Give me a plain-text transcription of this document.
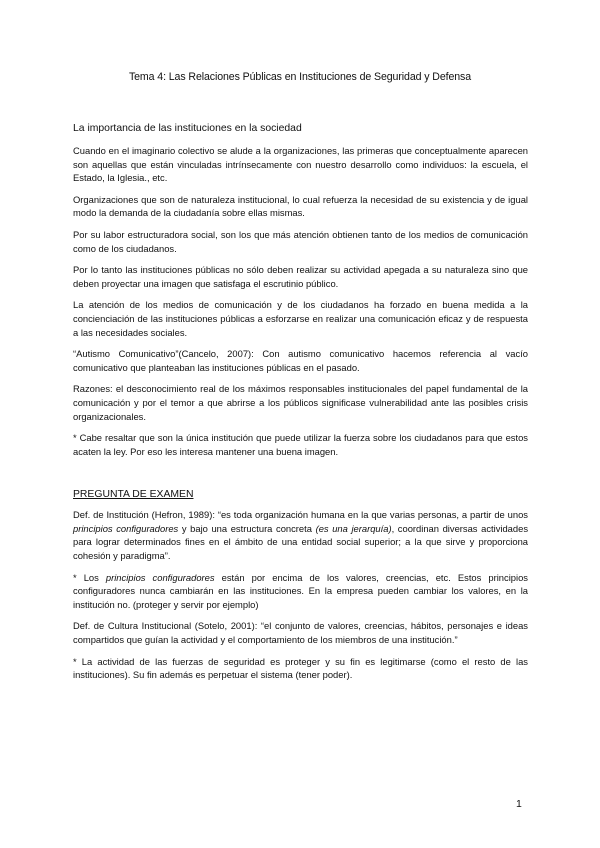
Tema 4: Las Relaciones Públicas en Instituciones de Seguridad y Defensa
La importancia de las instituciones en la sociedad

Cuando en el imaginario colectivo se alude a la organizaciones, las primeras que conceptualmente aparecen son aquellas que están vinculadas intrínsecamente con nuestro desarrollo como individuos: la escuela, el Estado, la Iglesia., etc.

Organizaciones que son de naturaleza institucional, lo cual refuerza la necesidad de su existencia y de igual modo la demanda de la ciudadanía sobre ellas mismas.

Por su labor estructuradora social, son los que más atención obtienen tanto de los medios de comunicación como de los ciudadanos.

Por lo tanto las instituciones públicas no sólo deben realizar su actividad apegada a su naturaleza sino que deben proyectar una imagen que satisfaga el escrutinio público.

La atención de los medios de comunicación y de los ciudadanos ha forzado en buena medida a la concienciación de las instituciones públicas a esforzarse en realizar una comunicación eficaz y de respuesta a las necesidades sociales.

“Autismo Comunicativo”(Cancelo, 2007): Con autismo comunicativo hacemos referencia al vacío comunicativo que planteaban las instituciones públicas en el pasado.

Razones: el desconocimiento real de los máximos responsables institucionales del papel fundamental de la comunicación y por el temor a que abrirse a los públicos significase vulnerabilidad ante las posibles crisis organizacionales.

* Cabe resaltar que son la única institución que puede utilizar la fuerza sobre los ciudadanos para que estos acaten la ley. Por eso les interesa mantener una buena imagen.

PREGUNTA DE EXAMEN

Def. de Institución (Hefron, 1989): “es toda organización humana en la que varias personas, a partir de unos principios configuradores y bajo una estructura concreta (es una jerarquía), coordinan diversas actividades para lograr determinados fines en el ámbito de una entidad social superior; a la que sirve y proporciona cohesión y paradigma”.

* Los principios configuradores están por encima de los valores, creencias, etc. Estos principios configuradores nunca cambiarán en las instituciones. En la empresa pueden cambiar los valores, en la institución no. (proteger y servir por ejemplo)

Def. de Cultura Institucional (Sotelo, 2001): “el conjunto de valores, creencias, hábitos, personajes e ideas compartidos que guían la actividad y el comportamiento de los miembros de una institución.”

* La actividad de las fuerzas de seguridad es proteger y su fin es legitimarse (como el resto de las instituciones). Su fin además es perpetuar el sistema (tener poder).

1
